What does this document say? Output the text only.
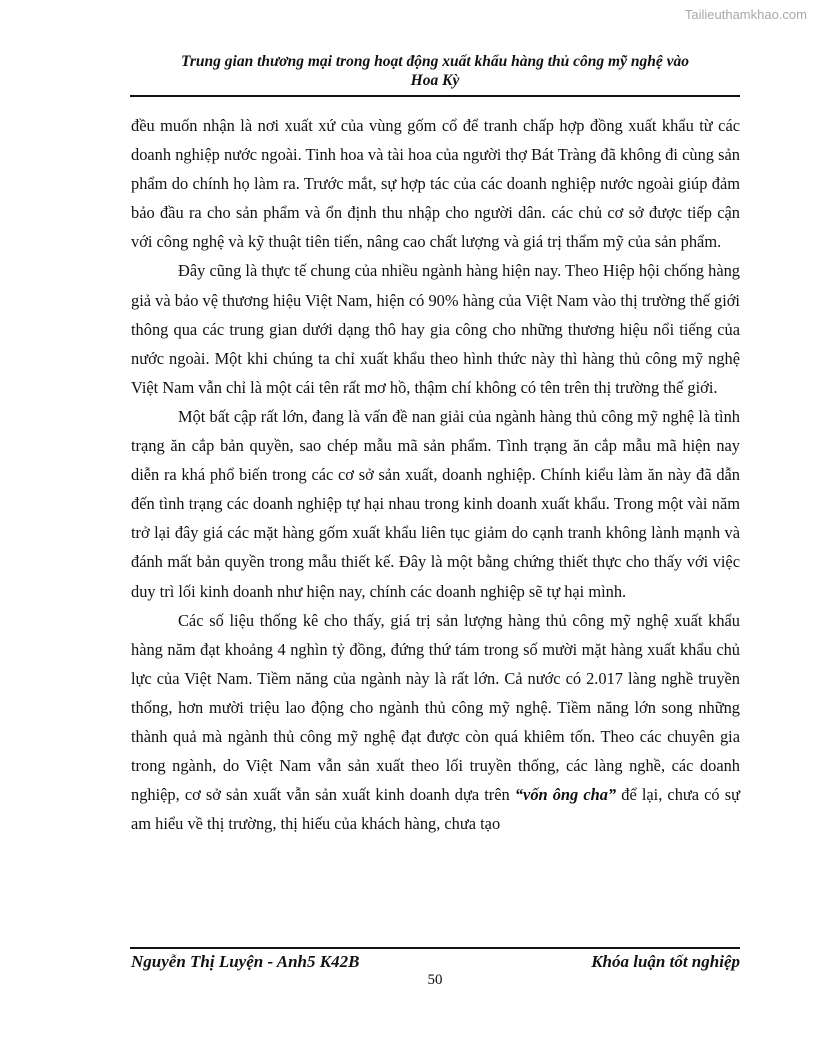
Tailieuthamkhao.com
Trung gian thương mại trong hoạt động xuất khẩu hàng thủ công mỹ nghệ vào
Hoa Kỳ

đều muốn nhận là nơi xuất xứ của vùng gốm cổ để tranh chấp hợp đồng xuất khẩu từ các doanh nghiệp nước ngoài. Tinh hoa và tài hoa của người thợ Bát Tràng đã không đi cùng sản phẩm do chính họ làm ra. Trước mắt, sự hợp tác của các doanh nghiệp nước ngoài giúp đảm bảo đầu ra cho sản phẩm và ổn định thu nhập cho người dân. các chủ cơ sở được tiếp cận với công nghệ và kỹ thuật tiên tiến, nâng cao chất lượng và giá trị thẩm mỹ của sản phẩm.

Đây cũng là thực tế chung của nhiều ngành hàng hiện nay. Theo Hiệp hội chống hàng giả và bảo vệ thương hiệu Việt Nam, hiện có 90% hàng của Việt Nam vào thị trường thế giới thông qua các trung gian dưới dạng thô hay gia công cho những thương hiệu nổi tiếng của nước ngoài. Một khi chúng ta chỉ xuất khẩu theo hình thức này thì hàng thủ công mỹ nghệ Việt Nam vẫn chỉ là một cái tên rất mơ hồ, thậm chí không có tên trên thị trường thế giới.

Một bất cập rất lớn, đang là vấn đề nan giải của ngành hàng thủ công mỹ nghệ là tình trạng ăn cắp bản quyền, sao chép mẫu mã sản phẩm. Tình trạng ăn cắp mẫu mã hiện nay diễn ra khá phổ biến trong các cơ sở sản xuất, doanh nghiệp. Chính kiểu làm ăn này đã dẫn đến tình trạng các doanh nghiệp tự hại nhau trong kinh doanh xuất khẩu. Trong một vài năm trở lại đây giá các mặt hàng gốm xuất khẩu liên tục giảm do cạnh tranh không lành mạnh và đánh mất bản quyền trong mẫu thiết kế. Đây là một bằng chứng thiết thực cho thấy với việc duy trì lối kinh doanh như hiện nay, chính các doanh nghiệp sẽ tự hại mình.

Các số liệu thống kê cho thấy, giá trị sản lượng hàng thủ công mỹ nghệ xuất khẩu hàng năm đạt khoảng 4 nghìn tỷ đồng, đứng thứ tám trong số mười mặt hàng xuất khẩu chủ lực của Việt Nam. Tiềm năng của ngành này là rất lớn. Cả nước có 2.017 làng nghề truyền thống, hơn mười triệu lao động cho ngành thủ công mỹ nghệ. Tiềm năng lớn song những thành quả mà ngành thủ công mỹ nghệ đạt được còn quá khiêm tốn. Theo các chuyên gia trong ngành, do Việt Nam vẫn sản xuất theo lối truyền thống, các làng nghề, các doanh nghiệp, cơ sở sản xuất vẫn sản xuất kinh doanh dựa trên “vốn ông cha” để lại, chưa có sự am hiểu về thị trường, thị hiếu của khách hàng, chưa tạo

Nguyễn Thị Luyện - Anh5 K42B	Khóa luận tốt nghiệp
50
